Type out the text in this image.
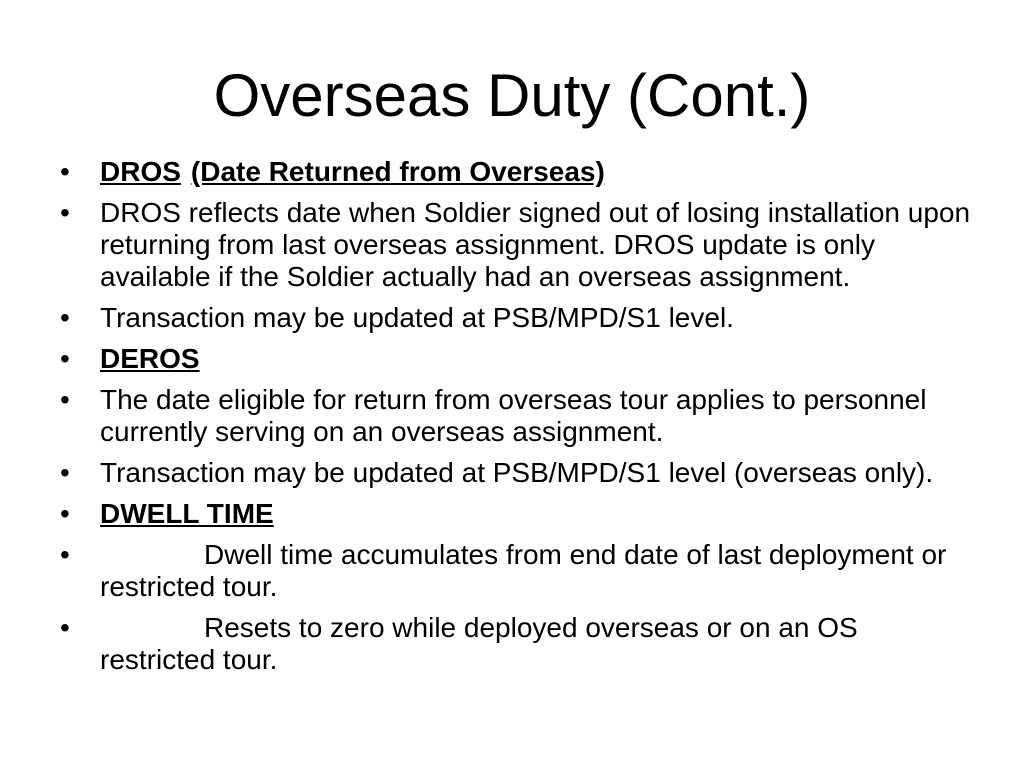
Overseas Duty (Cont.)
•	DROS (Date Returned from Overseas)
•	DROS reflects date when Soldier signed out of losing installation upon returning from last overseas assignment. DROS update is only available if the Soldier actually had an overseas assignment.
•	Transaction may be updated at PSB/MPD/S1 level.
•	DEROS
•	The date eligible for return from overseas tour applies to personnel currently serving on an overseas assignment.
•	Transaction may be updated at PSB/MPD/S1 level (overseas only).
•	DWELL TIME
•	Dwell time accumulates from end date of last deployment or restricted tour.
•	Resets to zero while deployed overseas or on an OS restricted tour.
